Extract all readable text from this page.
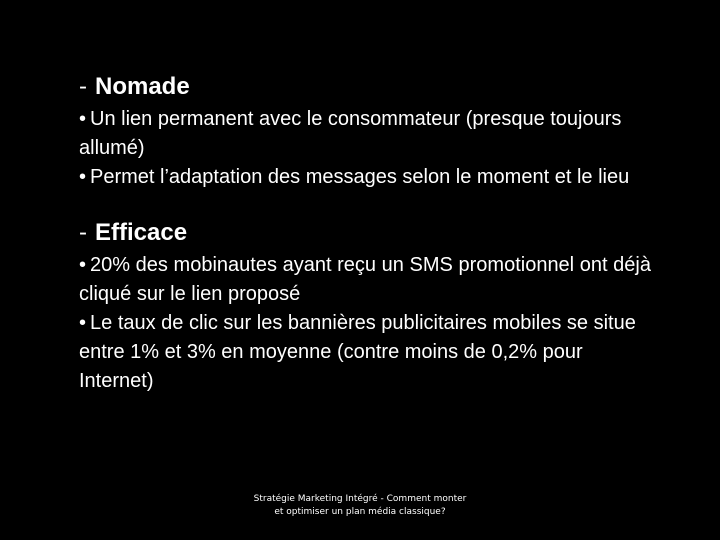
- Nomade

• Un lien permanent avec le consommateur (presque toujours allumé)

• Permet l’adaptation des messages selon le moment et le lieu

- Efficace

• 20% des mobinautes ayant reçu un SMS promotionnel ont déjà cliqué sur le lien proposé

• Le taux de clic sur les bannières publicitaires mobiles se situe entre 1% et 3% en moyenne (contre moins de 0,2% pour Internet)

Stratégie Marketing Intégré - Comment monter et optimiser un plan média classique?
